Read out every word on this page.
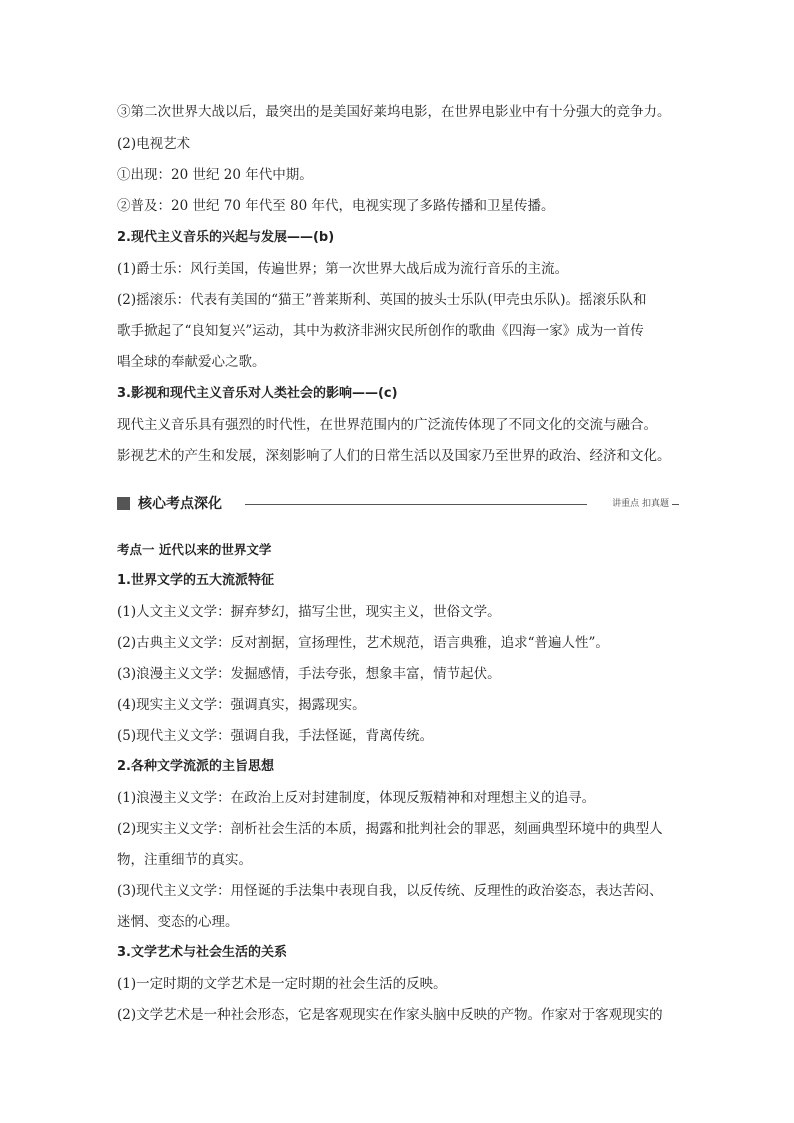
③第二次世界大战以后，最突出的是美国好莱坞电影，在世界电影业中有十分强大的竞争力。
(2)电视艺术
①出现：20 世纪 20 年代中期。
②普及：20 世纪 70 年代至 80 年代，电视实现了多路传播和卫星传播。
2.现代主义音乐的兴起与发展——(b)
(1)爵士乐：风行美国，传遍世界；第一次世界大战后成为流行音乐的主流。
(2)摇滚乐：代表有美国的“猫王”普莱斯利、英国的披头士乐队(甲壳虫乐队)。摇滚乐队和
歌手掀起了“良知复兴”运动，其中为救济非洲灾民所创作的歌曲《四海一家》成为一首传
唱全球的奉献爱心之歌。
3.影视和现代主义音乐对人类社会的影响——(c)
现代主义音乐具有强烈的时代性，在世界范围内的广泛流传体现了不同文化的交流与融合。
影视艺术的产生和发展，深刻影响了人们的日常生活以及国家乃至世界的政治、经济和文化。
核心考点深化	讲重点 扣真题
考点一 近代以来的世界文学
1.世界文学的五大流派特征
(1)人文主义文学：摒弃梦幻，描写尘世，现实主义，世俗文学。
(2)古典主义文学：反对割据，宣扬理性，艺术规范，语言典雅，追求“普遍人性”。
(3)浪漫主义文学：发掘感情，手法夸张，想象丰富，情节起伏。
(4)现实主义文学：强调真实，揭露现实。
(5)现代主义文学：强调自我，手法怪诞，背离传统。
2.各种文学流派的主旨思想
(1)浪漫主义文学：在政治上反对封建制度，体现反叛精神和对理想主义的追寻。
(2)现实主义文学：剖析社会生活的本质，揭露和批判社会的罪恶，刻画典型环境中的典型人
物，注重细节的真实。
(3)现代主义文学：用怪诞的手法集中表现自我，以反传统、反理性的政治姿态，表达苦闷、
迷惘、变态的心理。
3.文学艺术与社会生活的关系
(1)一定时期的文学艺术是一定时期的社会生活的反映。
(2)文学艺术是一种社会形态，它是客观现实在作家头脑中反映的产物。作家对于客观现实的
